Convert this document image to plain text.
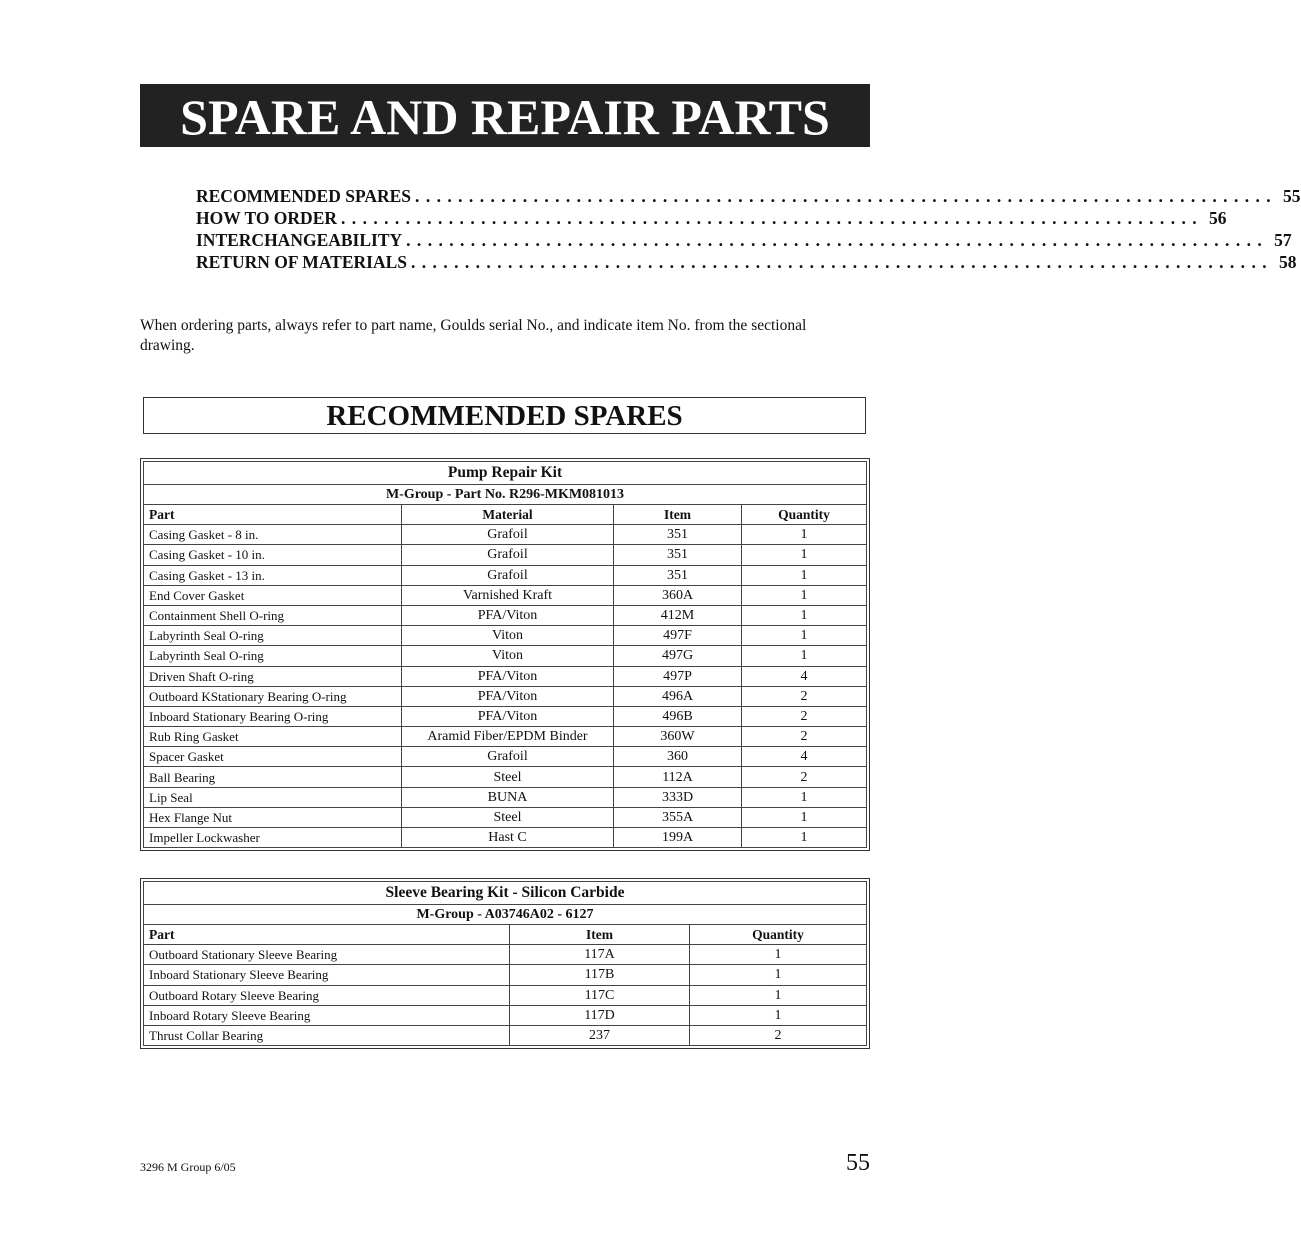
SPARE AND REPAIR PARTS
RECOMMENDED SPARES ................................................................................ 55
HOW TO ORDER ................................................................................ 56
INTERCHANGEABILITY ................................................................................ 57
RETURN OF MATERIALS ................................................................................ 58
When ordering parts, always refer to part name, Goulds serial No., and indicate item No. from the sectional drawing.
RECOMMENDED SPARES
Pump Repair Kit			
M-Group - Part No. R296-MKM081013			
Part	Material	Item	Quantity
Casing Gasket - 8 in.	Grafoil	351	1
Casing Gasket - 10 in.	Grafoil	351	1
Casing Gasket - 13 in.	Grafoil	351	1
End Cover Gasket	Varnished Kraft	360A	1
Containment Shell O-ring	PFA/Viton	412M	1
Labyrinth Seal O-ring	Viton	497F	1
Labyrinth Seal O-ring	Viton	497G	1
Driven Shaft O-ring	PFA/Viton	497P	4
Outboard KStationary Bearing O-ring	PFA/Viton	496A	2
Inboard Stationary Bearing O-ring	PFA/Viton	496B	2
Rub Ring Gasket	Aramid Fiber/EPDM Binder	360W	2
Spacer Gasket	Grafoil	360	4
Ball Bearing	Steel	112A	2
Lip Seal	BUNA	333D	1
Hex Flange Nut	Steel	355A	1
Impeller Lockwasher	Hast C	199A	1
Sleeve Bearing Kit - Silicon Carbide		
M-Group - A03746A02 - 6127		
Part	Item	Quantity
Outboard Stationary Sleeve Bearing	117A	1
Inboard Stationary Sleeve Bearing	117B	1
Outboard Rotary Sleeve Bearing	117C	1
Inboard Rotary Sleeve Bearing	117D	1
Thrust Collar Bearing	237	2
3296 M Group 6/05	55
